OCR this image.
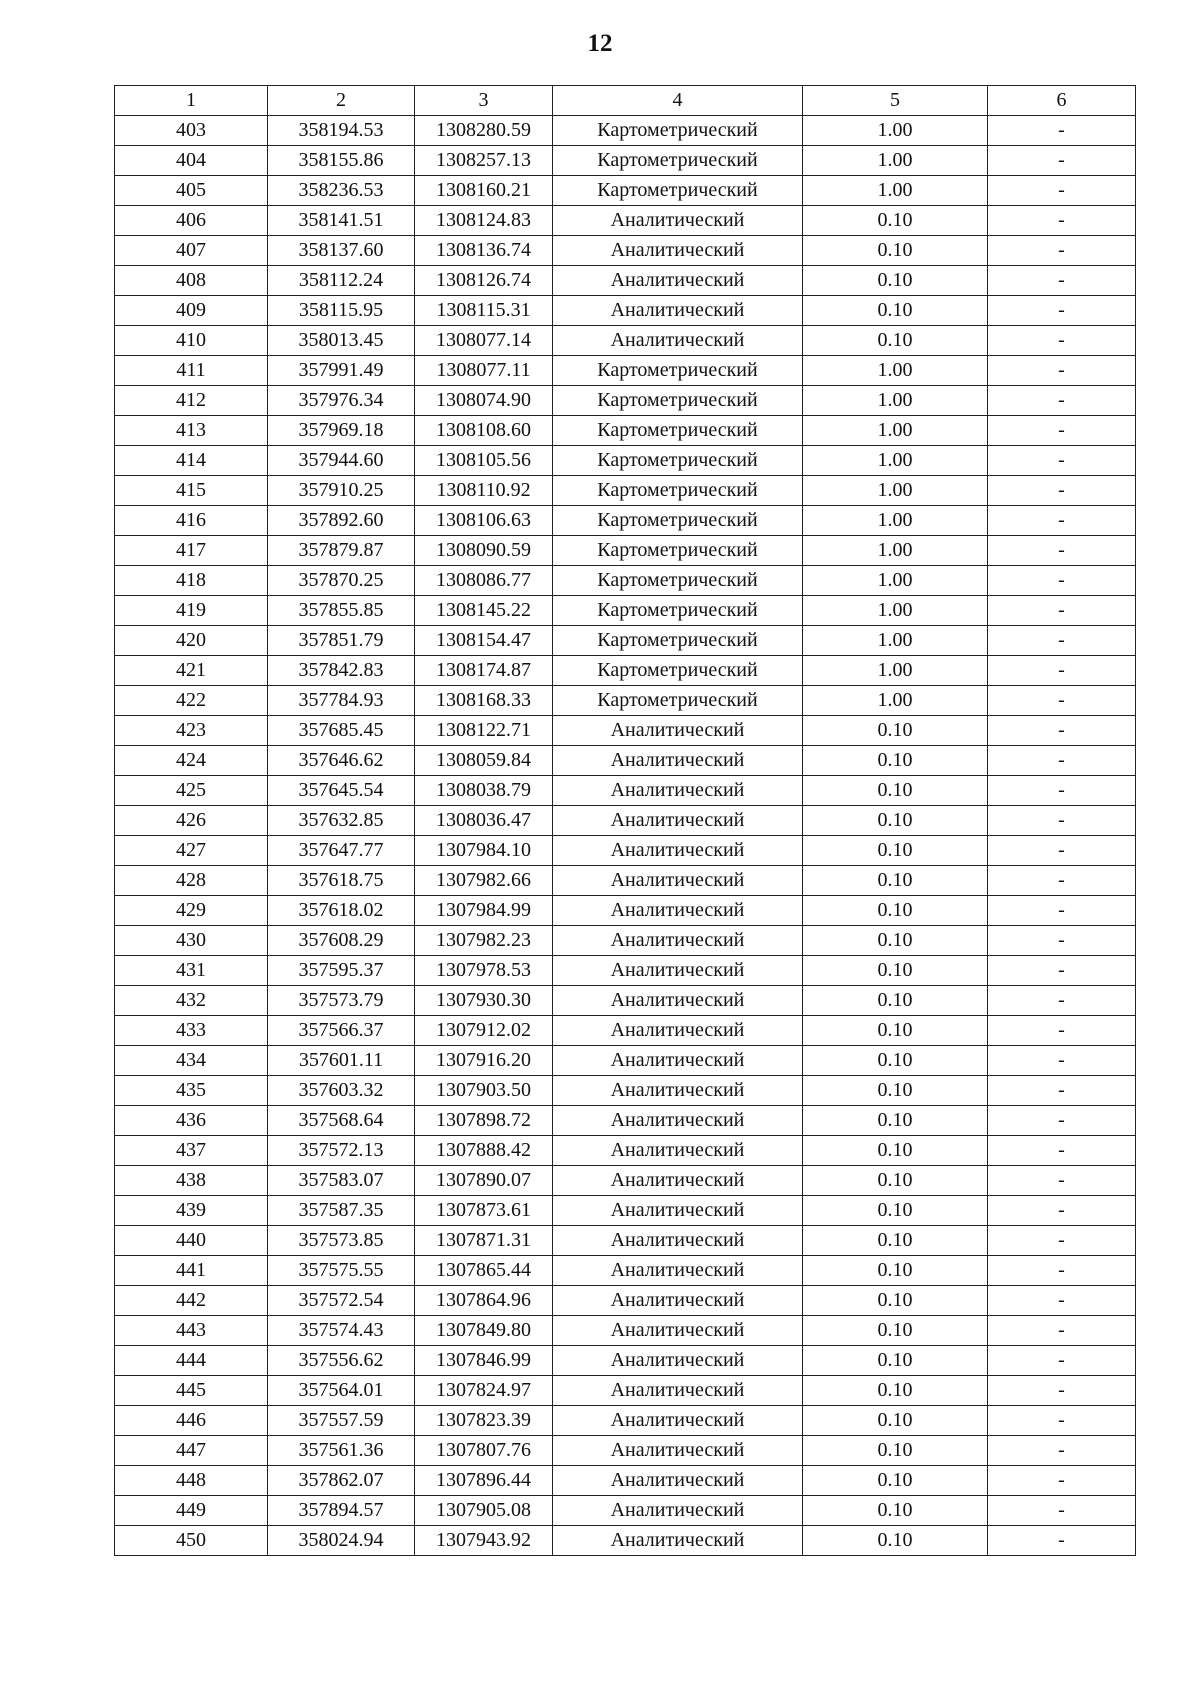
12
1	2	3	4	5	6
403	358194.53	1308280.59	Картометрический	1.00	-
404	358155.86	1308257.13	Картометрический	1.00	-
405	358236.53	1308160.21	Картометрический	1.00	-
406	358141.51	1308124.83	Аналитический	0.10	-
407	358137.60	1308136.74	Аналитический	0.10	-
408	358112.24	1308126.74	Аналитический	0.10	-
409	358115.95	1308115.31	Аналитический	0.10	-
410	358013.45	1308077.14	Аналитический	0.10	-
411	357991.49	1308077.11	Картометрический	1.00	-
412	357976.34	1308074.90	Картометрический	1.00	-
413	357969.18	1308108.60	Картометрический	1.00	-
414	357944.60	1308105.56	Картометрический	1.00	-
415	357910.25	1308110.92	Картометрический	1.00	-
416	357892.60	1308106.63	Картометрический	1.00	-
417	357879.87	1308090.59	Картометрический	1.00	-
418	357870.25	1308086.77	Картометрический	1.00	-
419	357855.85	1308145.22	Картометрический	1.00	-
420	357851.79	1308154.47	Картометрический	1.00	-
421	357842.83	1308174.87	Картометрический	1.00	-
422	357784.93	1308168.33	Картометрический	1.00	-
423	357685.45	1308122.71	Аналитический	0.10	-
424	357646.62	1308059.84	Аналитический	0.10	-
425	357645.54	1308038.79	Аналитический	0.10	-
426	357632.85	1308036.47	Аналитический	0.10	-
427	357647.77	1307984.10	Аналитический	0.10	-
428	357618.75	1307982.66	Аналитический	0.10	-
429	357618.02	1307984.99	Аналитический	0.10	-
430	357608.29	1307982.23	Аналитический	0.10	-
431	357595.37	1307978.53	Аналитический	0.10	-
432	357573.79	1307930.30	Аналитический	0.10	-
433	357566.37	1307912.02	Аналитический	0.10	-
434	357601.11	1307916.20	Аналитический	0.10	-
435	357603.32	1307903.50	Аналитический	0.10	-
436	357568.64	1307898.72	Аналитический	0.10	-
437	357572.13	1307888.42	Аналитический	0.10	-
438	357583.07	1307890.07	Аналитический	0.10	-
439	357587.35	1307873.61	Аналитический	0.10	-
440	357573.85	1307871.31	Аналитический	0.10	-
441	357575.55	1307865.44	Аналитический	0.10	-
442	357572.54	1307864.96	Аналитический	0.10	-
443	357574.43	1307849.80	Аналитический	0.10	-
444	357556.62	1307846.99	Аналитический	0.10	-
445	357564.01	1307824.97	Аналитический	0.10	-
446	357557.59	1307823.39	Аналитический	0.10	-
447	357561.36	1307807.76	Аналитический	0.10	-
448	357862.07	1307896.44	Аналитический	0.10	-
449	357894.57	1307905.08	Аналитический	0.10	-
450	358024.94	1307943.92	Аналитический	0.10	-
